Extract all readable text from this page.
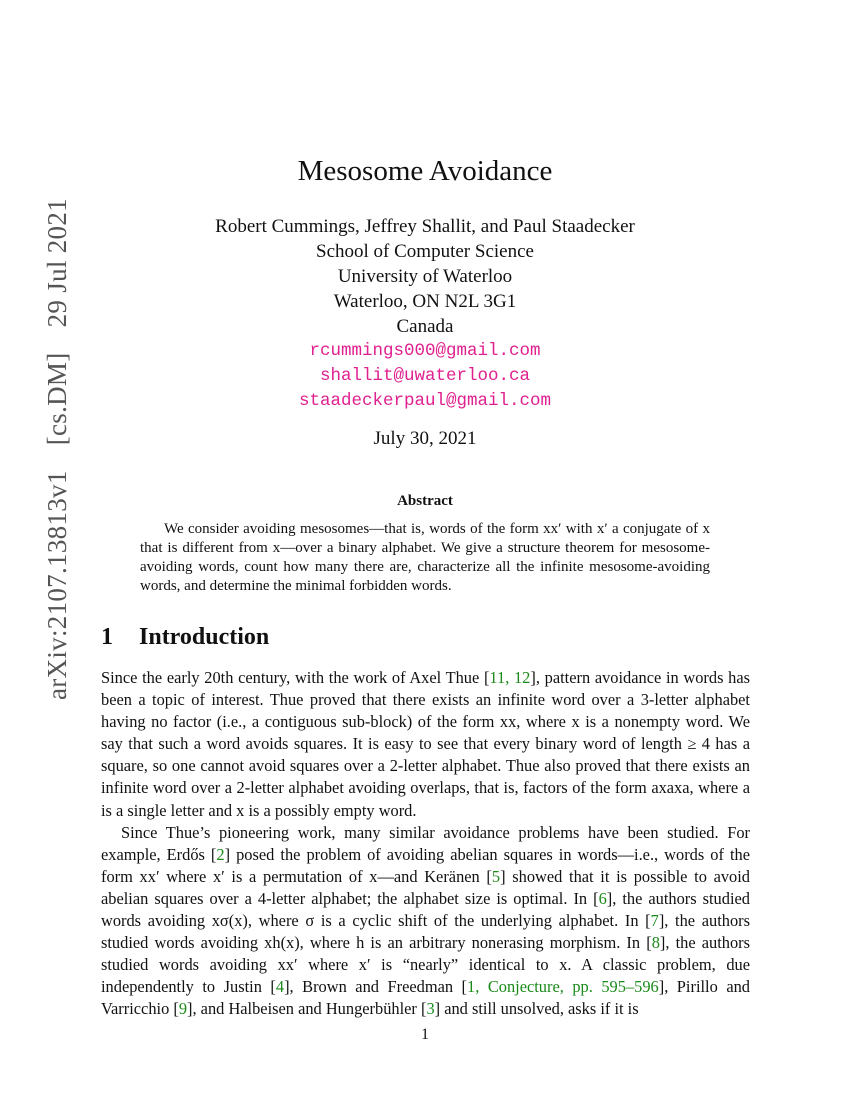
arXiv:2107.13813v1 [cs.DM] 29 Jul 2021
Mesosome Avoidance
Robert Cummings, Jeffrey Shallit, and Paul Staadecker
School of Computer Science
University of Waterloo
Waterloo, ON N2L 3G1
Canada
rcummings000@gmail.com
shallit@uwaterloo.ca
staadeckerpaul@gmail.com
July 30, 2021
Abstract

We consider avoiding mesosomes—that is, words of the form xx′ with x′ a conjugate of x that is different from x—over a binary alphabet. We give a structure theorem for mesosome-avoiding words, count how many there are, characterize all the infinite mesosome-avoiding words, and determine the minimal forbidden words.

1 Introduction

Since the early 20th century, with the work of Axel Thue [11, 12], pattern avoidance in words has been a topic of interest. Thue proved that there exists an infinite word over a 3-letter alphabet having no factor (i.e., a contiguous sub-block) of the form xx, where x is a nonempty word. We say that such a word avoids squares. It is easy to see that every binary word of length ≥ 4 has a square, so one cannot avoid squares over a 2-letter alphabet. Thue also proved that there exists an infinite word over a 2-letter alphabet avoiding overlaps, that is, factors of the form axaxa, where a is a single letter and x is a possibly empty word.

Since Thue’s pioneering work, many similar avoidance problems have been studied. For example, Erdős [2] posed the problem of avoiding abelian squares in words—i.e., words of the form xx′ where x′ is a permutation of x—and Keränen [5] showed that it is possible to avoid abelian squares over a 4-letter alphabet; the alphabet size is optimal. In [6], the authors studied words avoiding xσ(x), where σ is a cyclic shift of the underlying alphabet. In [7], the authors studied words avoiding xh(x), where h is an arbitrary nonerasing morphism. In [8], the authors studied words avoiding xx′ where x′ is “nearly” identical to x. A classic problem, due independently to Justin [4], Brown and Freedman [1, Conjecture, pp. 595–596], Pirillo and Varricchio [9], and Halbeisen and Hungerbühler [3] and still unsolved, asks if it is

1
